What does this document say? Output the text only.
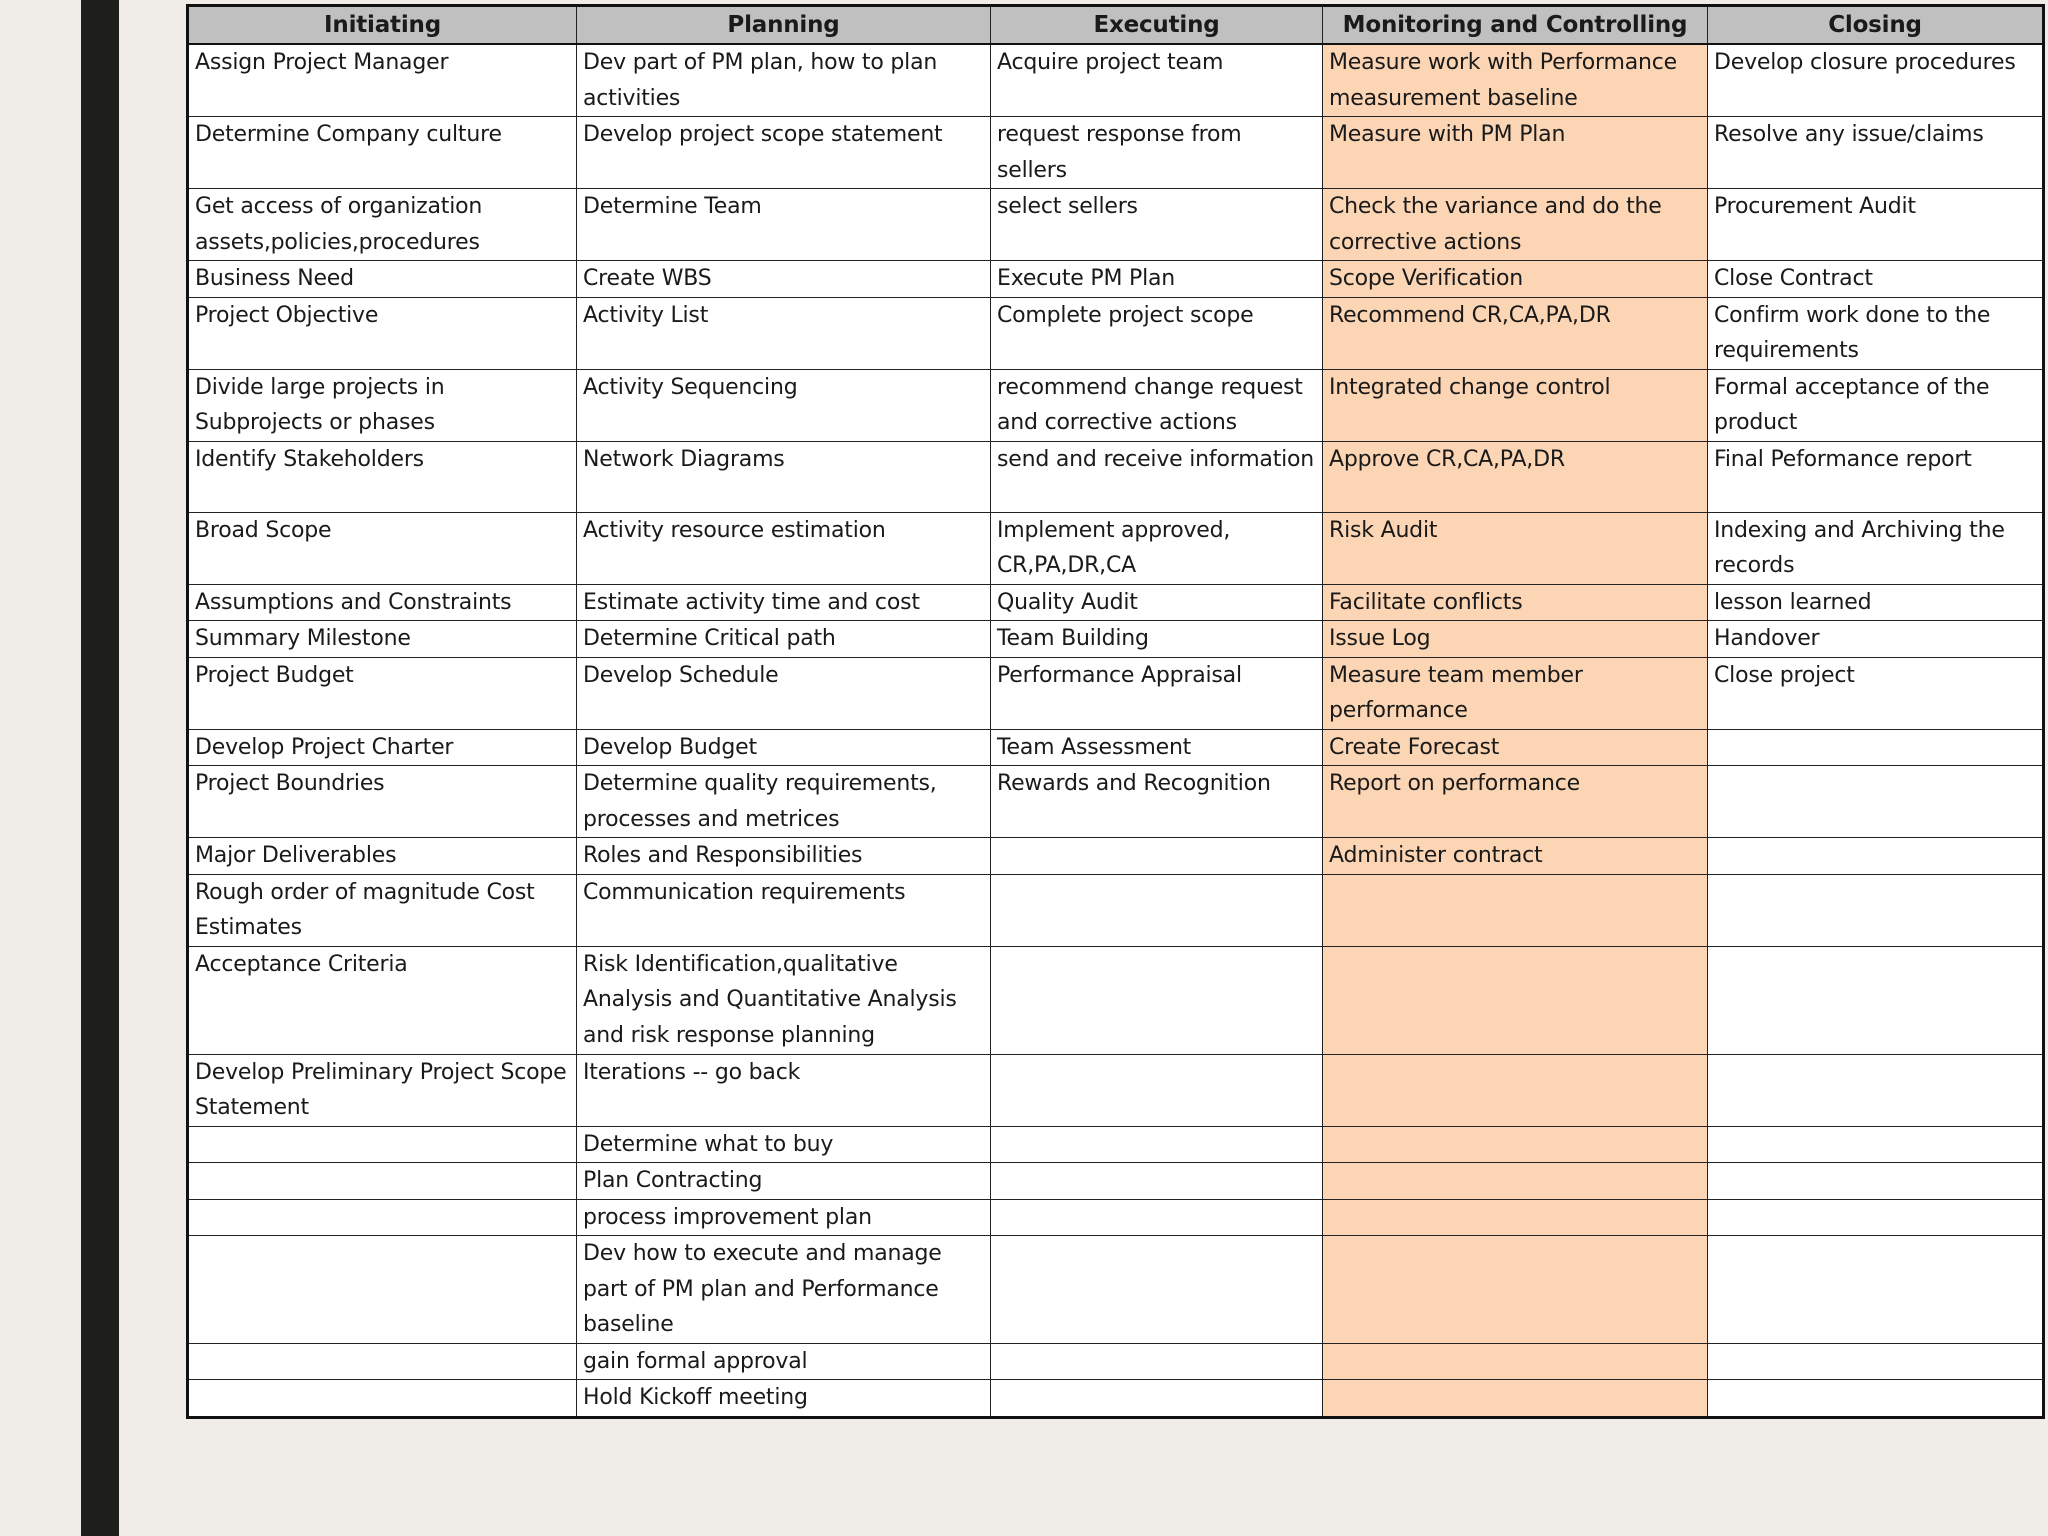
Initiating	Planning	Executing	Monitoring and Controlling	Closing
Assign Project Manager	Dev part of PM plan, how to plan activities	Acquire project team	Measure work with Performance measurement baseline	Develop closure procedures
Determine Company culture	Develop project scope statement	request response from sellers	Measure with PM Plan	Resolve any issue/claims
Get access of organization assets,policies,procedures	Determine Team	select sellers	Check the variance and do the corrective actions	Procurement Audit
Business Need	Create WBS	Execute PM Plan	Scope Verification	Close Contract
Project Objective	Activity List	Complete project scope	Recommend CR,CA,PA,DR	Confirm work done to the requirements
Divide large projects in Subprojects or phases	Activity Sequencing	recommend change request and corrective actions	Integrated change control	Formal acceptance of the product
Identify Stakeholders	Network Diagrams	send and receive information	Approve CR,CA,PA,DR	Final Peformance report
Broad Scope	Activity resource estimation	Implement approved, CR,PA,DR,CA	Risk Audit	Indexing and Archiving the records
Assumptions and Constraints	Estimate activity time and cost	Quality Audit	Facilitate conflicts	lesson learned
Summary Milestone	Determine Critical path	Team Building	Issue Log	Handover
Project Budget	Develop Schedule	Performance Appraisal	Measure team member performance	Close project
Develop Project Charter	Develop Budget	Team Assessment	Create Forecast	
Project Boundries	Determine quality requirements, processes and metrices	Rewards and Recognition	Report on performance	
Major Deliverables	Roles and Responsibilities		Administer contract	
Rough order of magnitude Cost Estimates	Communication requirements			
Acceptance Criteria	Risk Identification,qualitative Analysis and Quantitative Analysis and risk response planning			
Develop Preliminary Project Scope Statement	Iterations -- go back			
	Determine what to buy			
	Plan Contracting			
	process improvement plan			
	Dev how to execute and manage part of PM plan and Performance baseline			
	gain formal approval			
	Hold Kickoff meeting			
